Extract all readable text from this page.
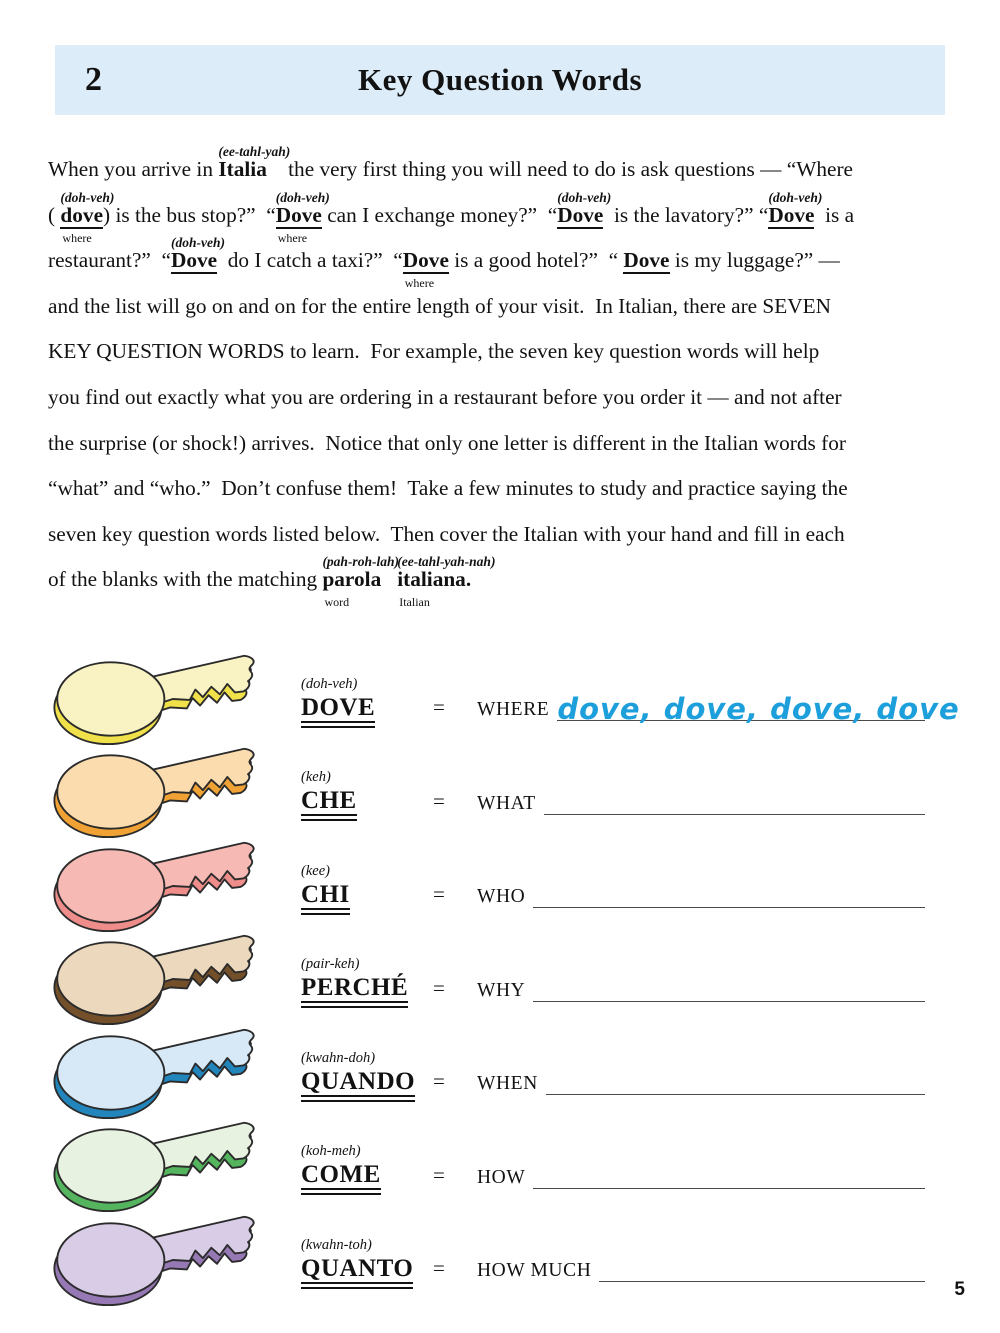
2	Key Question Words
When you arrive in Italia
(ee-tahl-yah)
the very first thing you will need to do is ask questions — “Where
( dove
(doh-veh)
where
) is the bus stop?”  “Dove
(doh-veh)
where
can I exchange money?”  “Dove
(doh-veh)
is the lavatory?” “Dove
(doh-veh)
is a
restaurant?”  “Dove
(doh-veh)
do I catch a taxi?”  “Dove
where
is a good hotel?”  “ Dove is my luggage?” —
and the list will go on and on for the entire length of your visit.  In Italian, there are SEVEN
KEY QUESTION WORDS to learn.  For example, the seven key question words will help
you find out exactly what you are ordering in a restaurant before you order it — and not after
the surprise (or shock!) arrives.  Notice that only one letter is different in the Italian words for
“what” and “who.”  Don’t confuse them!  Take a few minutes to study and practice saying the
seven key question words listed below.  Then cover the Italian with your hand and fill in each
of the blanks with the matching parola
(pah-roh-lah)
word
italiana.
(ee-tahl-yah-nah)
Italian
(doh-veh)
DOVE	=	WHERE dove, dove, dove, dove
(keh)
CHE	=	WHAT
(kee)
CHI	=	WHO
(pair-keh)
PERCHÉ	=	WHY
(kwahn-doh)
QUANDO =	WHEN
(koh-meh)
COME	=	HOW
(kwahn-toh)
QUANTO =	HOW MUCH
5
